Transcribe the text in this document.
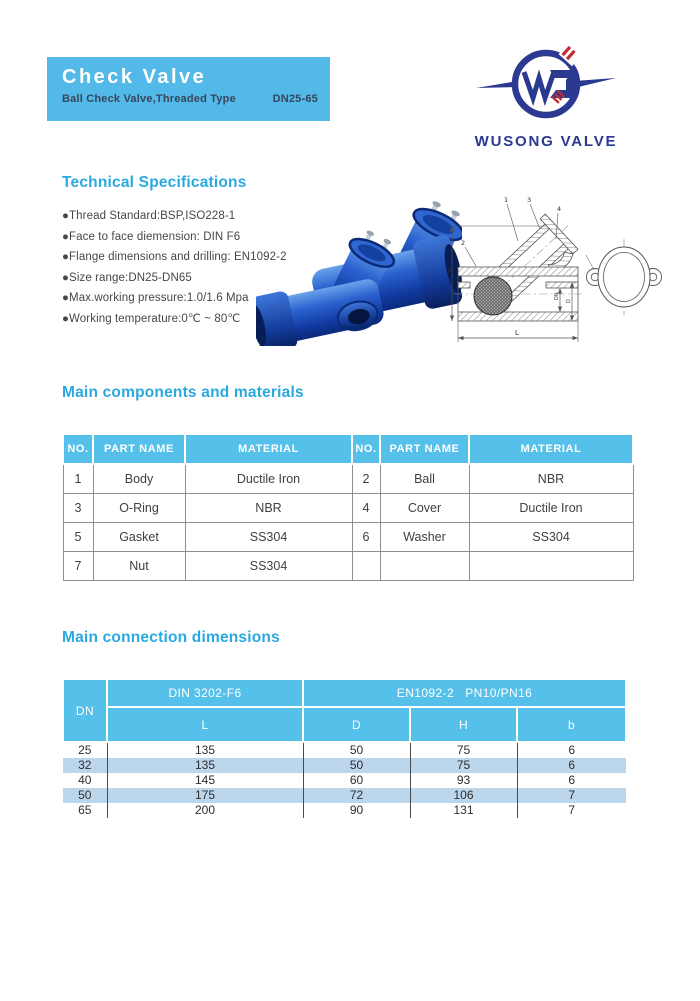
Check Valve
Ball Check Valve,Threaded Type	DN25-65
WUSONG VALVE
Technical Specifications
●Thread Standard:BSP,ISO228-1
●Face to face diemension: DIN F6
●Flange dimensions and drilling: EN1092-2
●Size range:DN25-DN65
●Max.working pressure:1.0/1.6 Mpa
●Working temperature:0℃ ~ 80℃
L
H
DN
D
1	3
4
2
Main components and materials
NO.	PART NAME	MATERIAL	NO.	PART NAME	MATERIAL
1	Body	Ductile Iron	2	Ball	NBR
3	O-Ring	NBR	4	Cover	Ductile Iron
5	Gasket	SS304	6	Washer	SS304
7	Nut	SS304			
Main connection dimensions
DN	DIN 3202-F6	EN1092-2   PN10/PN16		
	L	D	H	b
25	135	50	75	6
32	135	50	75	6
40	145	60	93	6
50	175	72	106	7
65	200	90	131	7
